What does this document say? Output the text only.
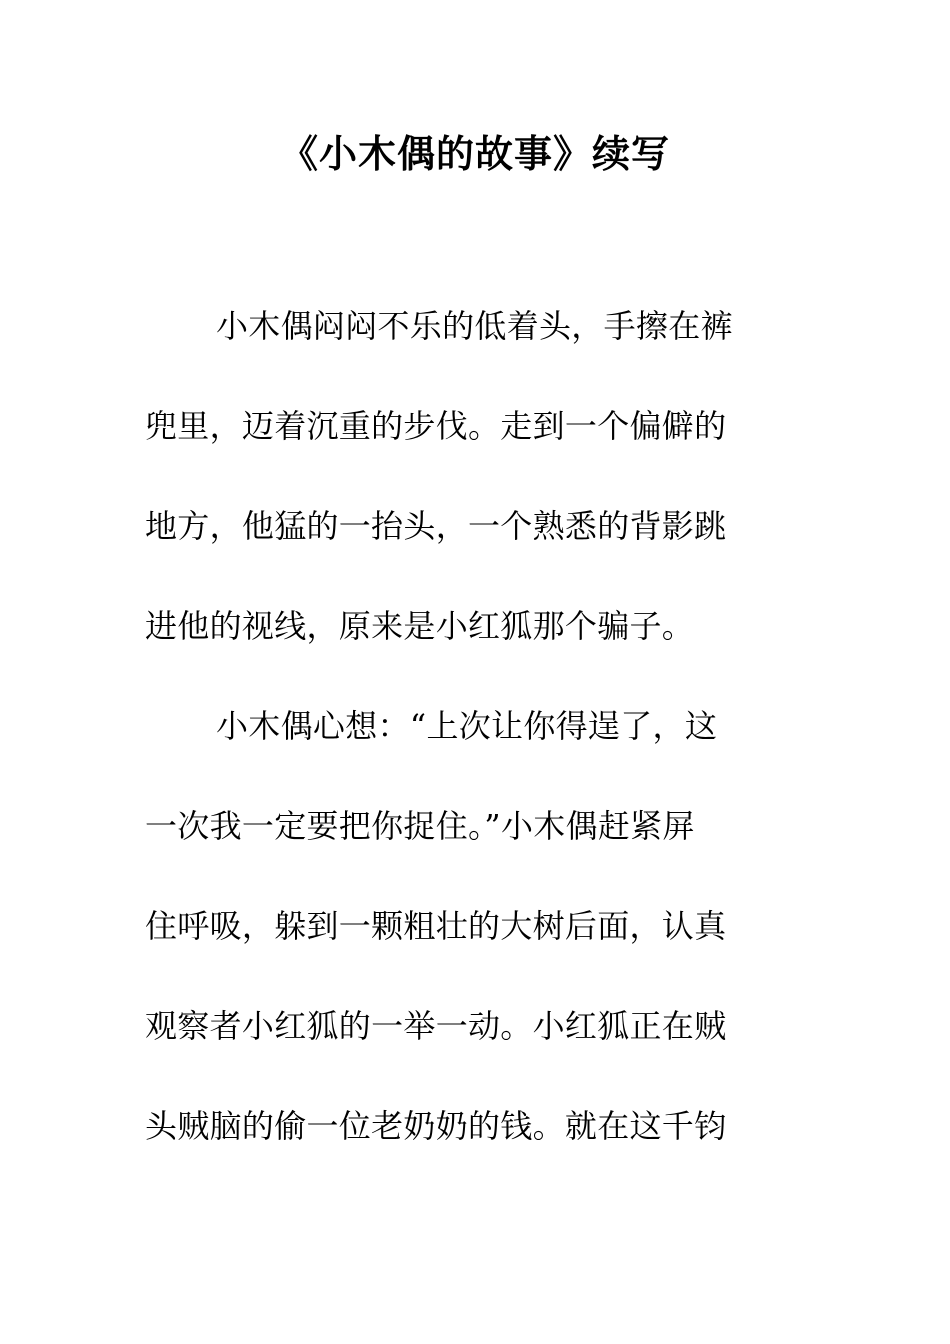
《小木偶的故事》续写
小木偶闷闷不乐的低着头，手擦在裤
兜里，迈着沉重的步伐。走到一个偏僻的
地方，他猛的一抬头，一个熟悉的背影跳
进他的视线，原来是小红狐那个骗子。
小木偶心想：“上次让你得逞了，这
一次我一定要把你捉住。”小木偶赶紧屏
住呼吸，躲到一颗粗壮的大树后面，认真
观察者小红狐的一举一动。小红狐正在贼
头贼脑的偷一位老奶奶的钱。就在这千钧
